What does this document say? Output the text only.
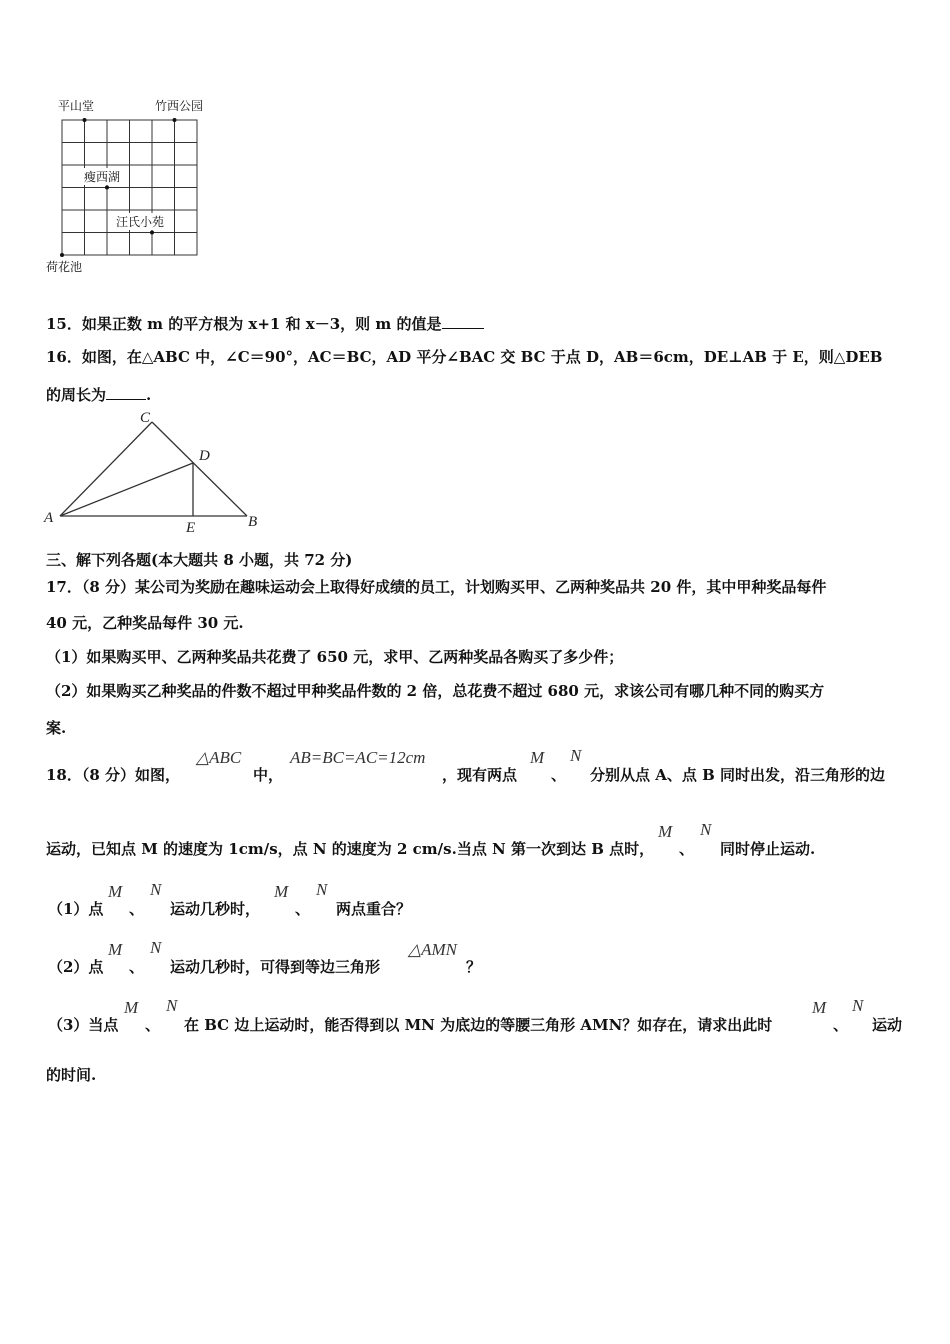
平山堂	竹西公园
瘦西湖
汪氏小苑
荷花池
15．如果正数 m 的平方根为 x+1 和 x－3，则 m 的值是
16．如图，在△ABC 中，∠C＝90°，AC＝BC，AD 平分∠BAC 交 BC 于点 D，AB＝6cm，DE⊥AB 于 E，则△DEB
的周长为	.
C
D
A
E	B
三、解下列各题(本大题共 8 小题，共 72 分)
17．（8 分）某公司为奖励在趣味运动会上取得好成绩的员工，计划购买甲、乙两种奖品共 20 件，其中甲种奖品每件
40 元，乙种奖品每件 30 元.
（1）如果购买甲、乙两种奖品共花费了 650 元，求甲、乙两种奖品各购买了多少件；
（2）如果购买乙种奖品的件数不超过甲种奖品件数的 2 倍，总花费不超过 680 元，求该公司有哪几种不同的购买方
案.
18．（8 分）如图，
△ABC
中，
AB=BC=AC=12cm
，现有两点
M
、
N
分别从点 A、点 B 同时出发，沿三角形的边
运动，已知点 M 的速度为 1cm/s，点 N 的速度为 2 cm/s.当点 N 第一次到达 B 点时，
M
、
N
同时停止运动.
（1）点
M
、
N
运动几秒时，
M
、
N
两点重合？
（2）点
M
、
N
运动几秒时，可得到等边三角形
△AMN
？
（3）当点
M
、
N
在 BC 边上运动时，能否得到以 MN 为底边的等腰三角形 AMN？如存在，请求出此时
M
、
N
运动
的时间.
